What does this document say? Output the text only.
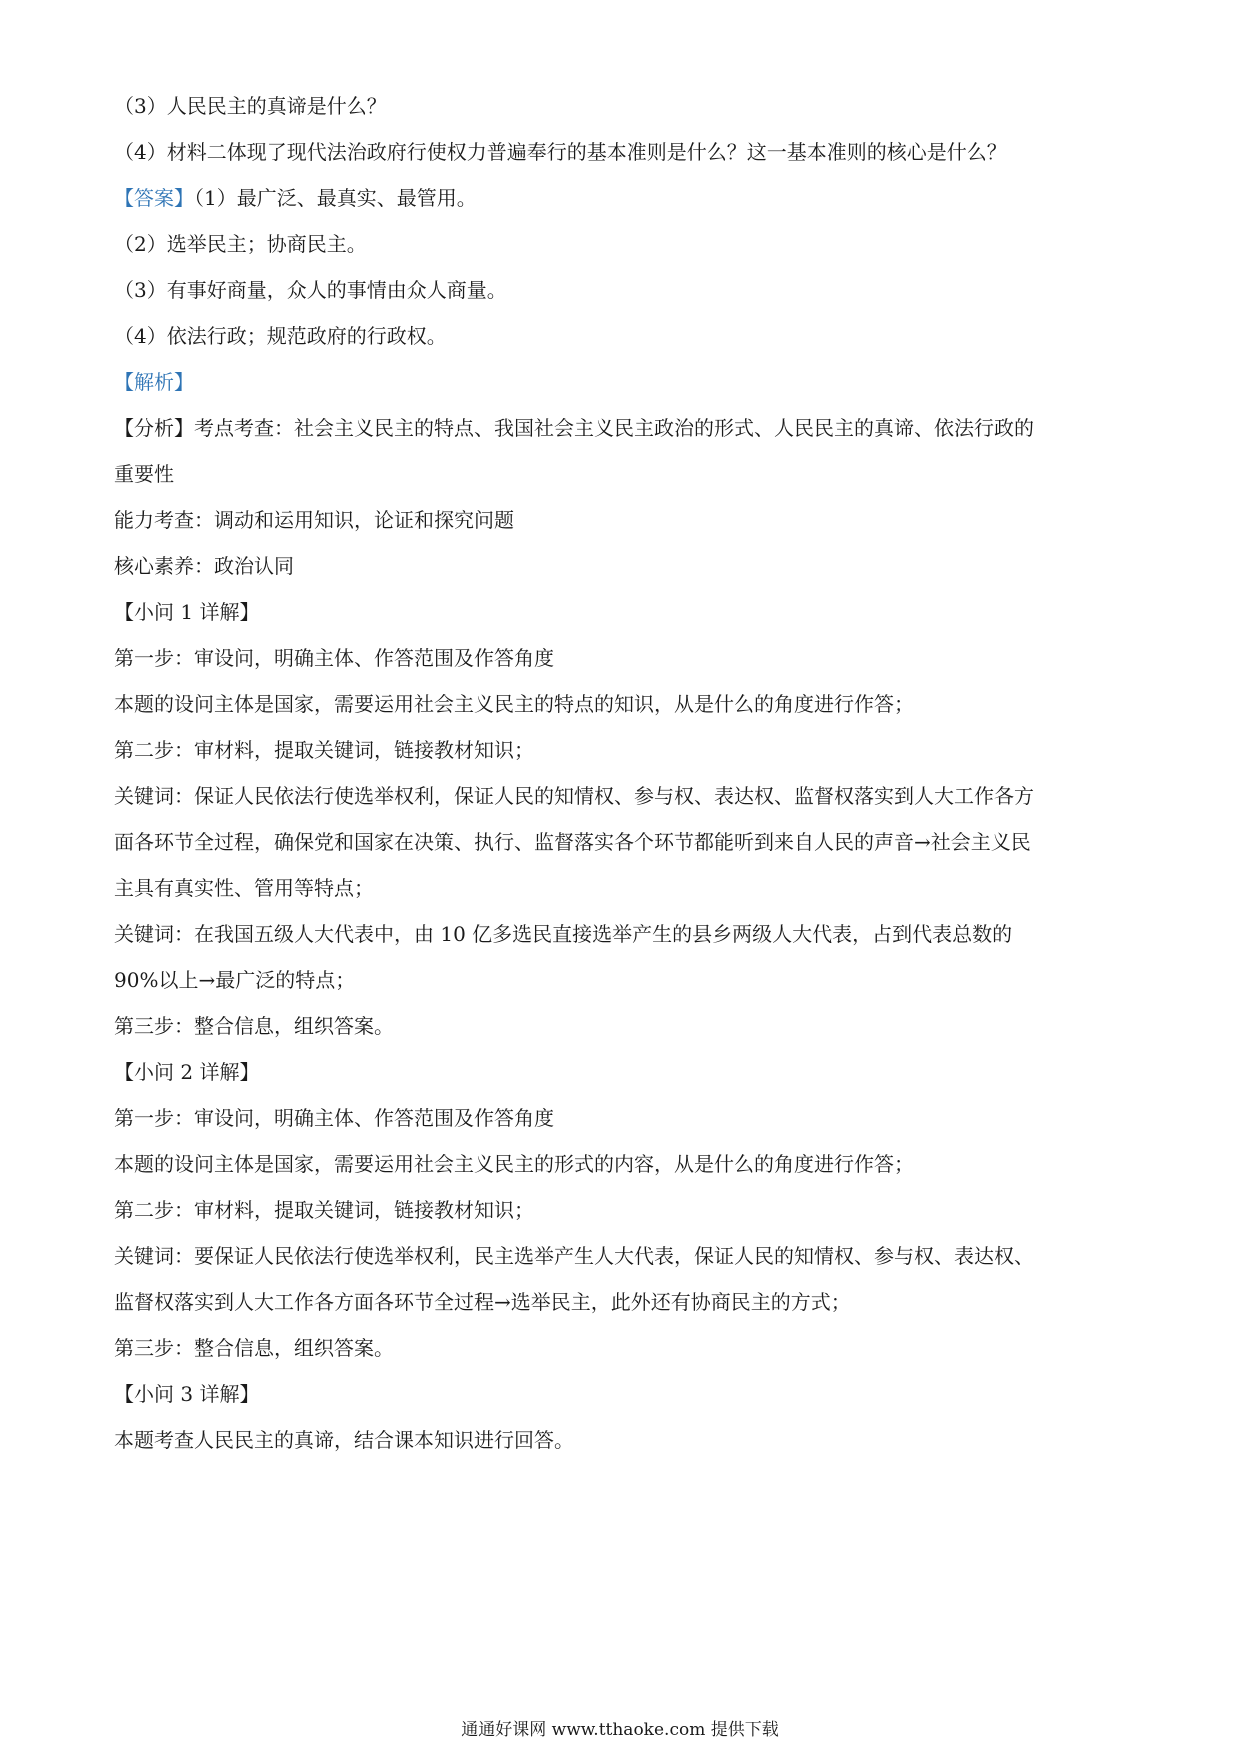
（3）人民民主的真谛是什么？
（4）材料二体现了现代法治政府行使权力普遍奉行的基本准则是什么？这一基本准则的核心是什么？
【答案】（1）最广泛、最真实、最管用。
（2）选举民主；协商民主。
（3）有事好商量，众人的事情由众人商量。
（4）依法行政；规范政府的行政权。
【解析】
【分析】考点考查：社会主义民主的特点、我国社会主义民主政治的形式、人民民主的真谛、依法行政的
重要性
能力考查：调动和运用知识，论证和探究问题
核心素养：政治认同
【小问 1 详解】
第一步：审设问，明确主体、作答范围及作答角度
本题的设问主体是国家，需要运用社会主义民主的特点的知识，从是什么的角度进行作答；
第二步：审材料，提取关键词，链接教材知识；
关键词：保证人民依法行使选举权利，保证人民的知情权、参与权、表达权、监督权落实到人大工作各方
面各环节全过程，确保党和国家在决策、执行、监督落实各个环节都能听到来自人民的声音→社会主义民
主具有真实性、管用等特点；
关键词：在我国五级人大代表中，由 10 亿多选民直接选举产生的县乡两级人大代表，占到代表总数的
90%以上→最广泛的特点；
第三步：整合信息，组织答案。
【小问 2 详解】
第一步：审设问，明确主体、作答范围及作答角度
本题的设问主体是国家，需要运用社会主义民主的形式的内容，从是什么的角度进行作答；
第二步：审材料，提取关键词，链接教材知识；
关键词：要保证人民依法行使选举权利，民主选举产生人大代表，保证人民的知情权、参与权、表达权、
监督权落实到人大工作各方面各环节全过程→选举民主，此外还有协商民主的方式；
第三步：整合信息，组织答案。
【小问 3 详解】
本题考查人民民主的真谛，结合课本知识进行回答。
通通好课网 www.tthaoke.com 提供下载
